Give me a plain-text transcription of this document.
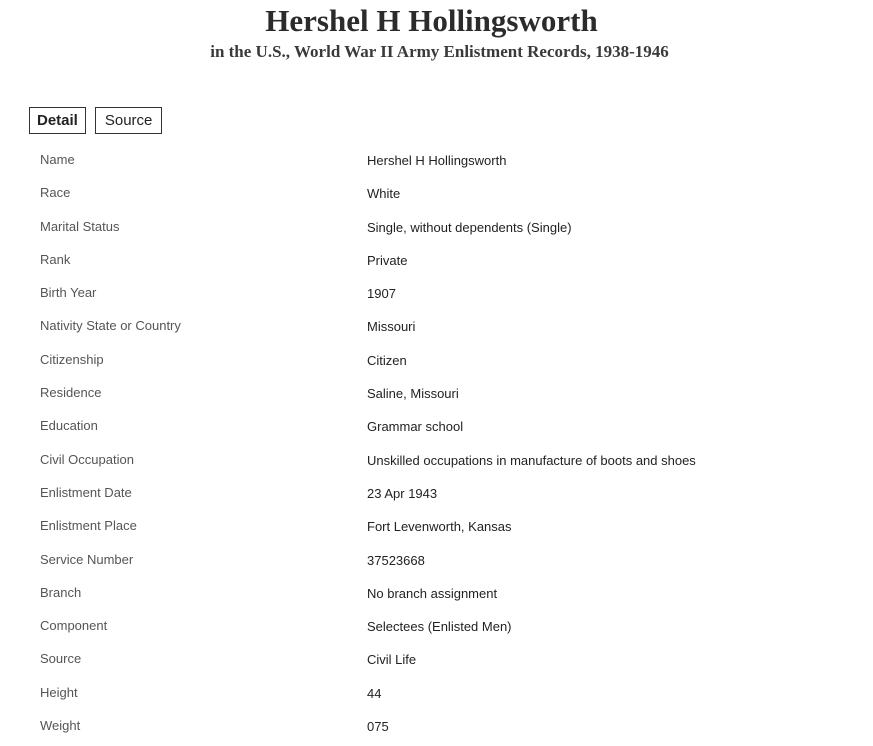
Hershel H Hollingsworth
in the U.S., World War II Army Enlistment Records, 1938-1946
Detail	Source
Name	Hershel H Hollingsworth
Race	White
Marital Status	Single, without dependents (Single)
Rank	Private
Birth Year	1907
Nativity State or Country	Missouri
Citizenship	Citizen
Residence	Saline, Missouri
Education	Grammar school
Civil Occupation	Unskilled occupations in manufacture of boots and shoes
Enlistment Date	23 Apr 1943
Enlistment Place	Fort Levenworth, Kansas
Service Number	37523668
Branch	No branch assignment
Component	Selectees (Enlisted Men)
Source	Civil Life
Height	44
Weight	075
